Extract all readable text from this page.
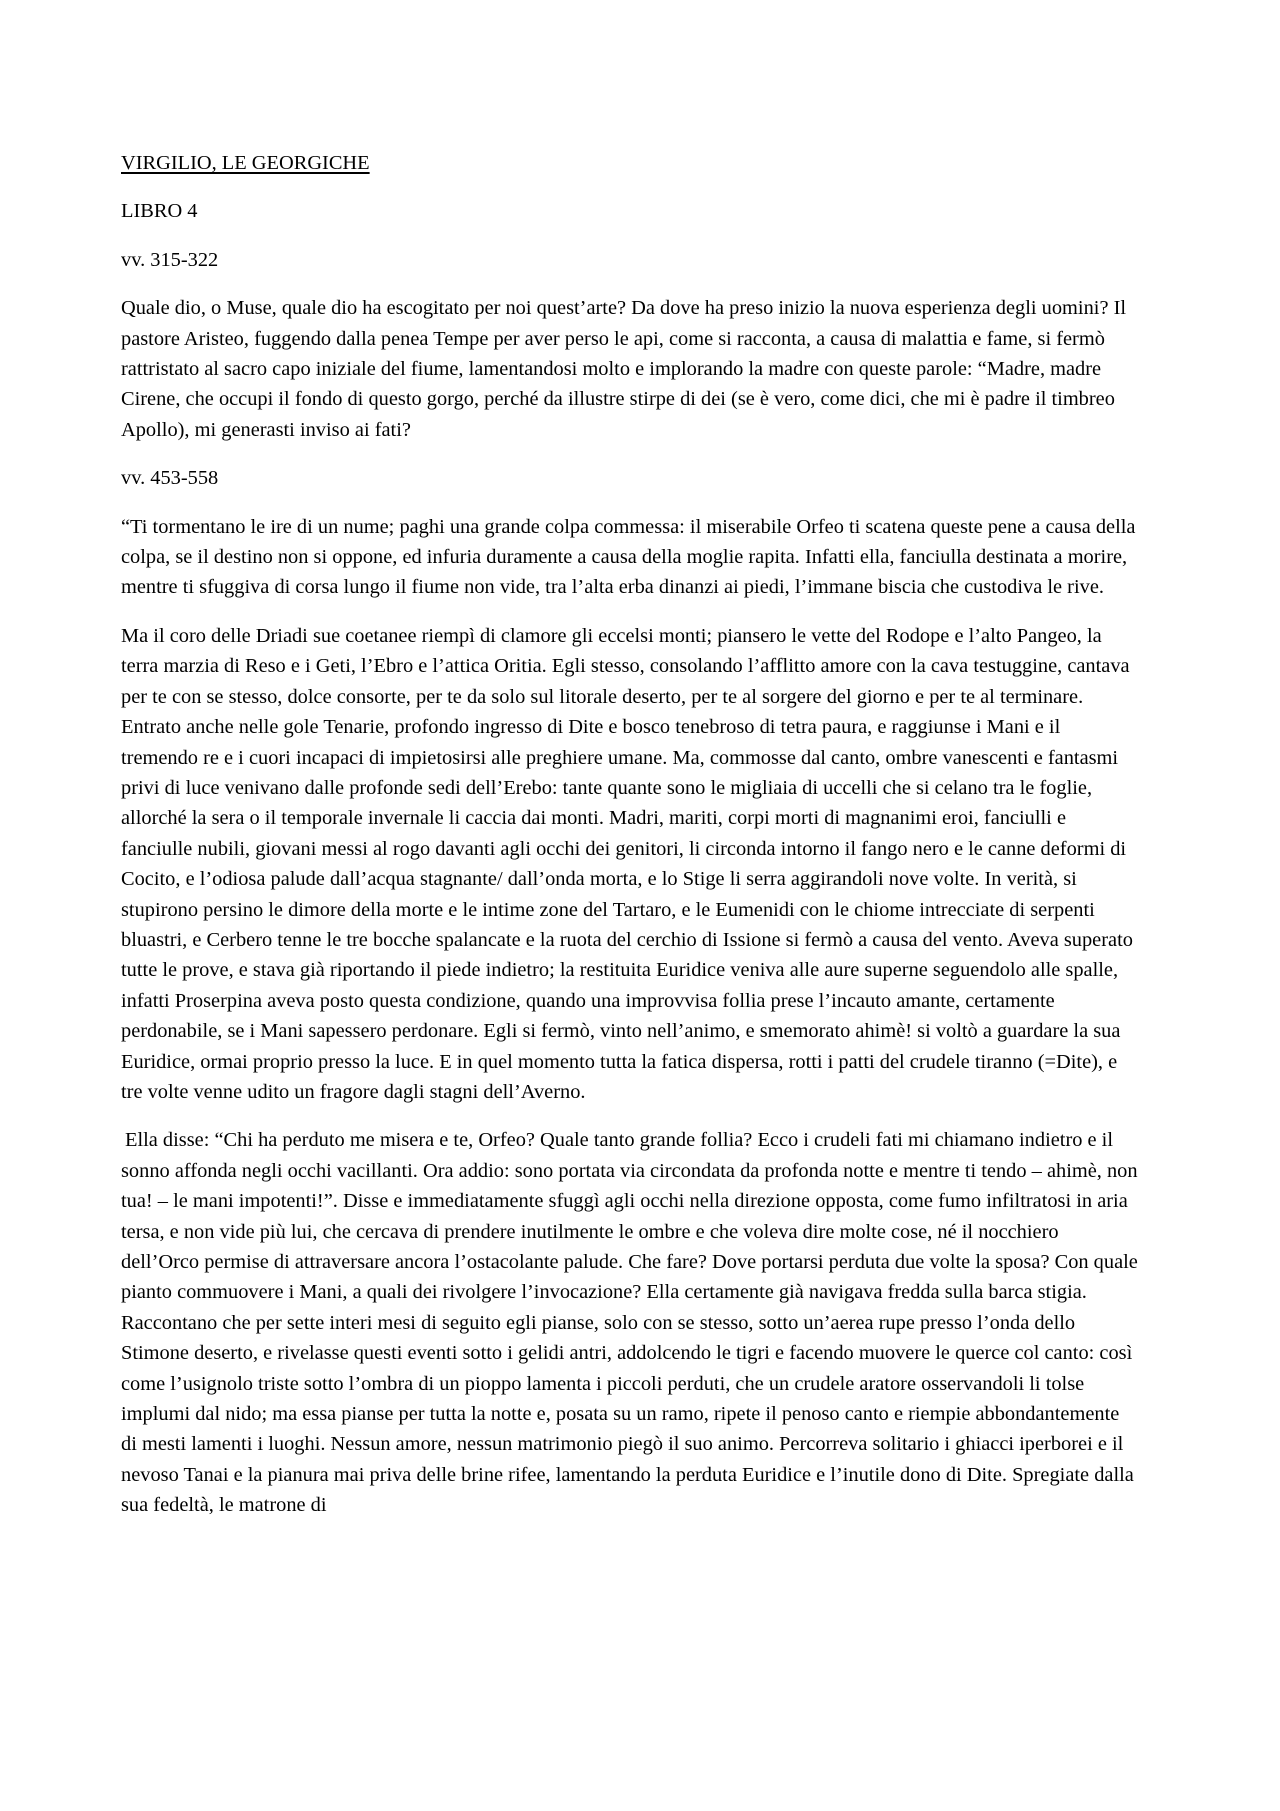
VIRGILIO, LE GEORGICHE
LIBRO 4
vv. 315-322

Quale dio, o Muse, quale dio ha escogitato per noi quest’arte? Da dove ha preso inizio la nuova esperienza degli uomini? Il pastore Aristeo, fuggendo dalla penea Tempe per aver perso le api, come si racconta, a causa di malattia e fame, si fermò rattristato al sacro capo iniziale del fiume, lamentandosi molto e implorando la madre con queste parole: “Madre, madre Cirene, che occupi il fondo di questo gorgo, perché da illustre stirpe di dei (se è vero, come dici, che mi è padre il timbreo Apollo), mi generasti inviso ai fati?

vv. 453-558

“Ti tormentano le ire di un nume; paghi una grande colpa commessa: il miserabile Orfeo ti scatena queste pene a causa della colpa, se il destino non si oppone, ed infuria duramente a causa della moglie rapita. Infatti ella, fanciulla destinata a morire, mentre ti sfuggiva di corsa lungo il fiume non vide, tra l’alta erba dinanzi ai piedi, l’immane biscia che custodiva le rive.

Ma il coro delle Driadi sue coetanee riempì di clamore gli eccelsi monti; piansero le vette del Rodope e l’alto Pangeo, la terra marzia di Reso e i Geti, l’Ebro e l’attica Oritia. Egli stesso, consolando l’afflitto amore con la cava testuggine, cantava per te con se stesso, dolce consorte, per te da solo sul litorale deserto, per te al sorgere del giorno e per te al terminare. Entrato anche nelle gole Tenarie, profondo ingresso di Dite e bosco tenebroso di tetra paura, e raggiunse i Mani e il tremendo re e i cuori incapaci di impietosirsi alle preghiere umane. Ma, commosse dal canto, ombre vanescenti e fantasmi privi di luce venivano dalle profonde sedi dell’Erebo: tante quante sono le migliaia di uccelli che si celano tra le foglie, allorché la sera o il temporale invernale li caccia dai monti. Madri, mariti, corpi morti di magnanimi eroi, fanciulli e fanciulle nubili, giovani messi al rogo davanti agli occhi dei genitori, li circonda intorno il fango nero e le canne deformi di Cocito, e l’odiosa palude dall’acqua stagnante/ dall’onda morta, e lo Stige li serra aggirandoli nove volte. In verità, si stupirono persino le dimore della morte e le intime zone del Tartaro, e le Eumenidi con le chiome intrecciate di serpenti bluastri, e Cerbero tenne le tre bocche spalancate e la ruota del cerchio di Issione si fermò a causa del vento. Aveva superato tutte le prove, e stava già riportando il piede indietro; la restituita Euridice veniva alle aure superne seguendolo alle spalle, infatti Proserpina aveva posto questa condizione, quando una improvvisa follia prese l’incauto amante, certamente perdonabile, se i Mani sapessero perdonare. Egli si fermò, vinto nell’animo, e smemorato ahimè! si voltò a guardare la sua Euridice, ormai proprio presso la luce. E in quel momento tutta la fatica dispersa, rotti i patti del crudele tiranno (=Dite), e tre volte venne udito un fragore dagli stagni dell’Averno.

Ella disse: “Chi ha perduto me misera e te, Orfeo? Quale tanto grande follia? Ecco i crudeli fati mi chiamano indietro e il sonno affonda negli occhi vacillanti. Ora addio: sono portata via circondata da profonda notte e mentre ti tendo – ahimè, non tua! – le mani impotenti!”. Disse e immediatamente sfuggì agli occhi nella direzione opposta, come fumo infiltratosi in aria tersa, e non vide più lui, che cercava di prendere inutilmente le ombre e che voleva dire molte cose, né il nocchiero dell’Orco permise di attraversare ancora l’ostacolante palude. Che fare? Dove portarsi perduta due volte la sposa? Con quale pianto commuovere i Mani, a quali dei rivolgere l’invocazione? Ella certamente già navigava fredda sulla barca stigia. Raccontano che per sette interi mesi di seguito egli pianse, solo con se stesso, sotto un’aerea rupe presso l’onda dello Stimone deserto, e rivelasse questi eventi sotto i gelidi antri, addolcendo le tigri e facendo muovere le querce col canto: così come l’usignolo triste sotto l’ombra di un pioppo lamenta i piccoli perduti, che un crudele aratore osservandoli li tolse implumi dal nido; ma essa pianse per tutta la notte e, posata su un ramo, ripete il penoso canto e riempie abbondantemente di mesti lamenti i luoghi. Nessun amore, nessun matrimonio piegò il suo animo. Percorreva solitario i ghiacci iperborei e il nevoso Tanai e la pianura mai priva delle brine rifee, lamentando la perduta Euridice e l’inutile dono di Dite. Spregiate dalla sua fedeltà, le matrone di
